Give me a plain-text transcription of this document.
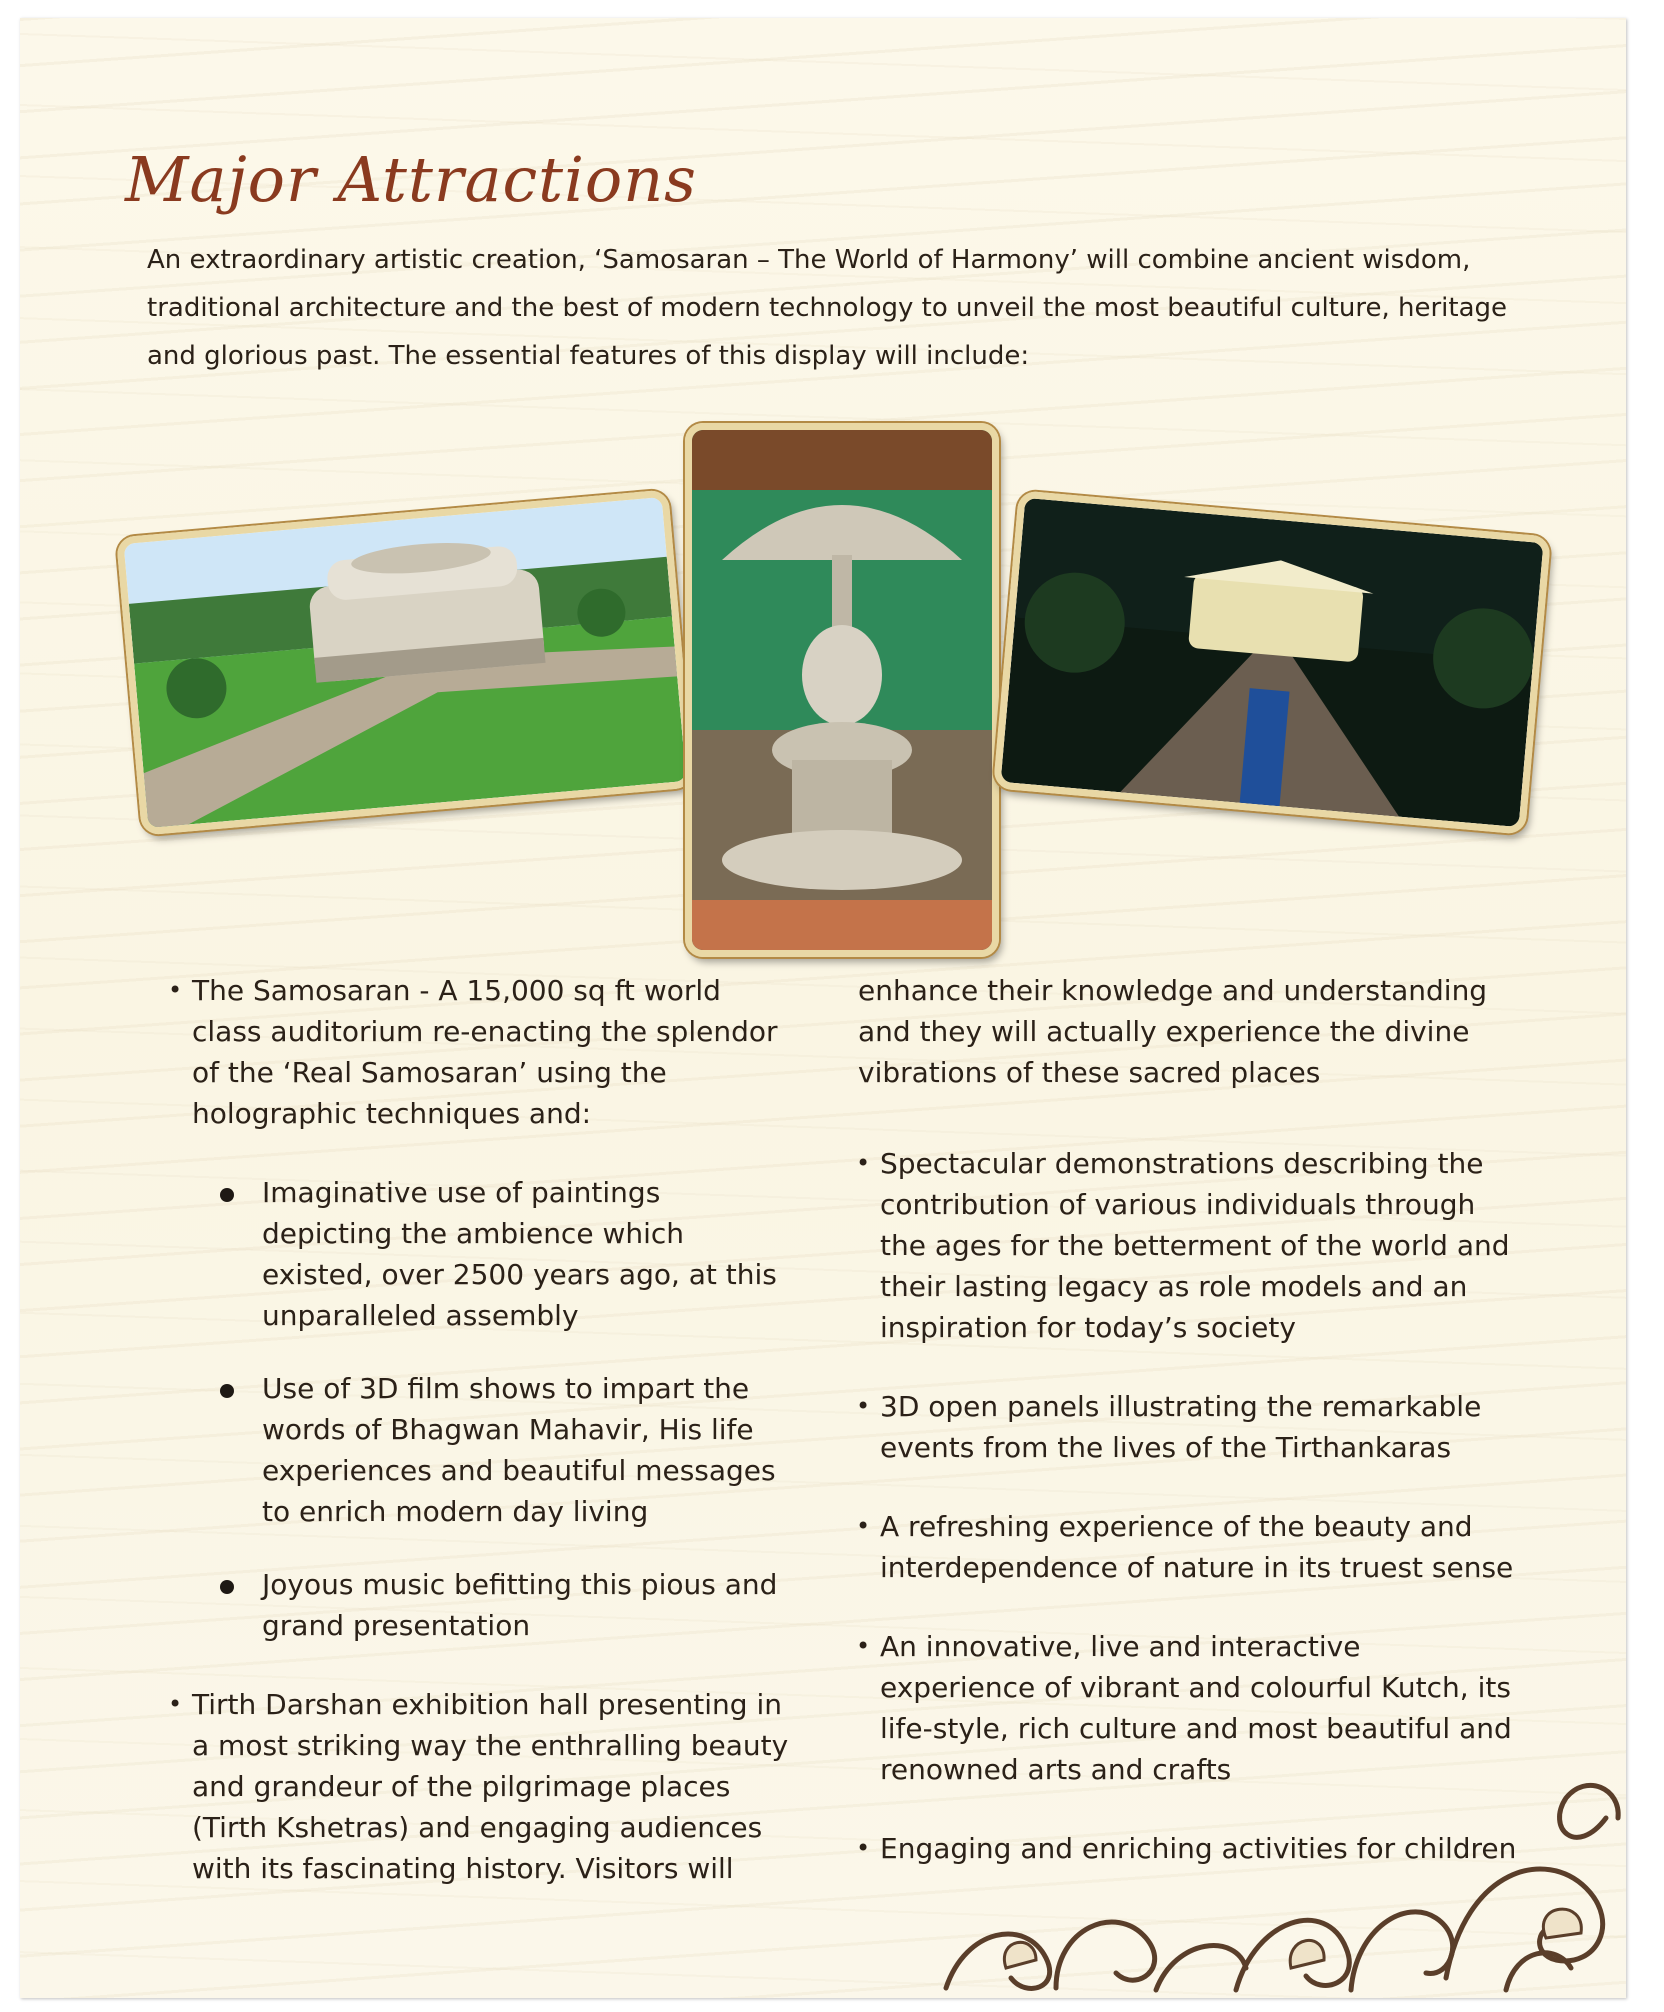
Major Attractions

An extraordinary artistic creation, ‘Samosaran – The World of Harmony’ will combine ancient wisdom, traditional architecture and the best of modern technology to unveil the most beautiful culture, heritage and glorious past. The essential features of this display will include:

• The Samosaran - A 15,000 sq ft world class auditorium re-enacting the splendor of the ‘Real Samosaran’ using the holographic techniques and:
Imaginative use of paintings depicting the ambience which existed, over 2500 years ago, at this unparalleled assembly
Use of 3D film shows to impart the words of Bhagwan Mahavir, His life experiences and beautiful messages to enrich modern day living
Joyous music befitting this pious and grand presentation
• Tirth Darshan exhibition hall presenting in a most striking way the enthralling beauty and grandeur of the pilgrimage places (Tirth Kshetras) and engaging audiences with its fascinating history. Visitors will
enhance their knowledge and understanding and they will actually experience the divine vibrations of these sacred places
• Spectacular demonstrations describing the contribution of various individuals through the ages for the betterment of the world and their lasting legacy as role models and an inspiration for today’s society
• 3D open panels illustrating the remarkable events from the lives of the Tirthankaras
• A refreshing experience of the beauty and interdependence of nature in its truest sense
• An innovative, live and interactive experience of vibrant and colourful Kutch, its life-style, rich culture and most beautiful and renowned arts and crafts
• Engaging and enriching activities for children
